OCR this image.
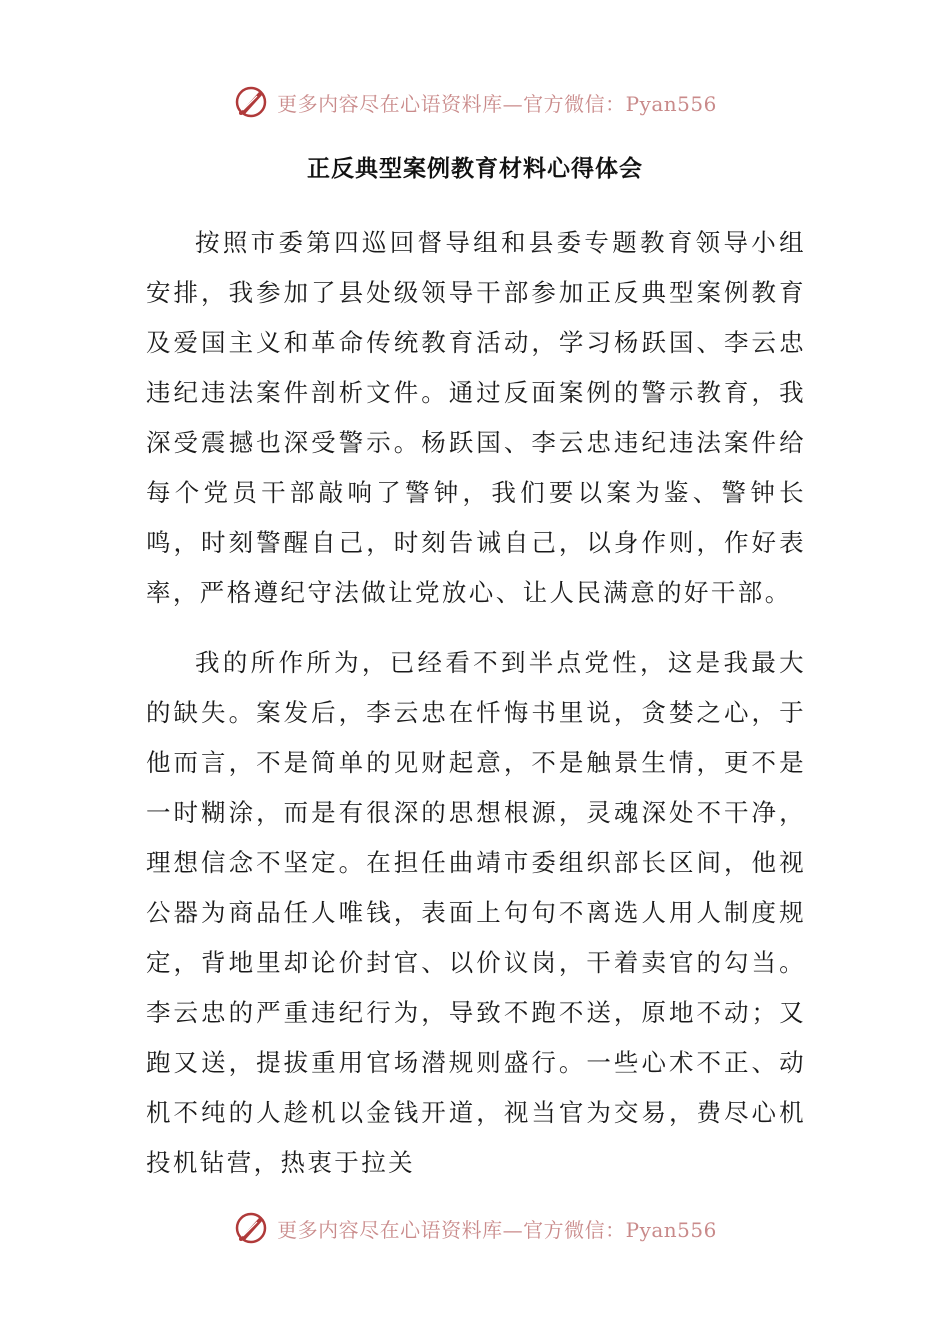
更多内容尽在心语资料库—官方微信：Pyan556
正反典型案例教育材料心得体会

按照市委第四巡回督导组和县委专题教育领导小组安排，我参加了县处级领导干部参加正反典型案例教育及爱国主义和革命传统教育活动，学习杨跃国、李云忠违纪违法案件剖析文件。通过反面案例的警示教育，我深受震撼也深受警示。杨跃国、李云忠违纪违法案件给每个党员干部敲响了警钟，我们要以案为鉴、警钟长鸣，时刻警醒自己，时刻告诫自己，以身作则，作好表率，严格遵纪守法做让党放心、让人民满意的好干部。

我的所作所为，已经看不到半点党性，这是我最大的缺失。案发后，李云忠在忏悔书里说，贪婪之心，于他而言，不是简单的见财起意，不是触景生情，更不是一时糊涂，而是有很深的思想根源，灵魂深处不干净，理想信念不坚定。在担任曲靖市委组织部长区间，他视公器为商品任人唯钱，表面上句句不离选人用人制度规定，背地里却论价封官、以价议岗，干着卖官的勾当。李云忠的严重违纪行为，导致不跑不送，原地不动；又跑又送，提拔重用官场潜规则盛行。一些心术不正、动机不纯的人趁机以金钱开道，视当官为交易，费尽心机投机钻营，热衷于拉关

更多内容尽在心语资料库—官方微信：Pyan556
